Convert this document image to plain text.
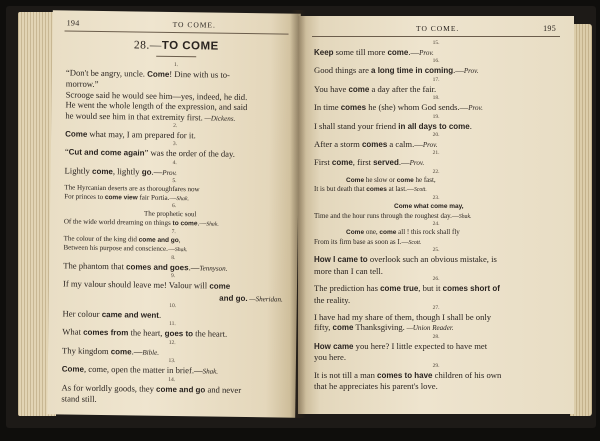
194	TO COME.
28.—TO COME
1.
“Don't be angry, uncle. Come! Dine with us to-
morrow.”
Scrooge said he would see him—yes, indeed, he did.
He went the whole length of the expression, and said
he would see him in that extremity first. —Dickens.
2.
Come what may, I am prepared for it.
3.
“Cut and come again” was the order of the day.
4.
Lightly come, lightly go.—Prov.
5.
The Hyrcanian deserts are as thoroughfares now
For princes to come view fair Portia.—Shak.
6.
The prophetic soul
Of the wide world dreaming on things to come.—Shak.
7.
The colour of the king did come and go,
Between his purpose and conscience.—Shak.
8.
The phantom that comes and goes.—Tennyson.
9.
If my valour should leave me! Valour will come
and go. —Sheridan.
10.
Her colour came and went.
11.
What comes from the heart, goes to the heart.
12.
Thy kingdom come.—Bible.
13.
Come, come, open the matter in brief.—Shak.
14.
As for worldly goods, they come and go and never
stand still.
TO COME.	195
15.
Keep some till more come.—Prov.
16.
Good things are a long time in coming.—Prov.
17.
You have come a day after the fair.
18.
In time comes he (she) whom God sends.—Prov.
19.
I shall stand your friend in all days to come.
20.
After a storm comes a calm.—Prov.
21.
First come, first served.—Prov.
22.
Come he slow or come he fast,
It is but death that comes at last.—Scott.
23.
Come what come may,
Time and the hour runs through the roughest day.—Shak.
24.
Come one, come all ! this rock shall fly
From its firm base as soon as I.—Scott.
25.
How I came to overlook such an obvious mistake, is
more than I can tell.
26.
The prediction has come true, but it comes short of
the reality.
27.
I have had my share of them, though I shall be only
fifty, come Thanksgiving. —Union Reader.
28.
How came you here? I little expected to have met
you here.
29.
It is not till a man comes to have children of his own
that he appreciates his parent's love.
